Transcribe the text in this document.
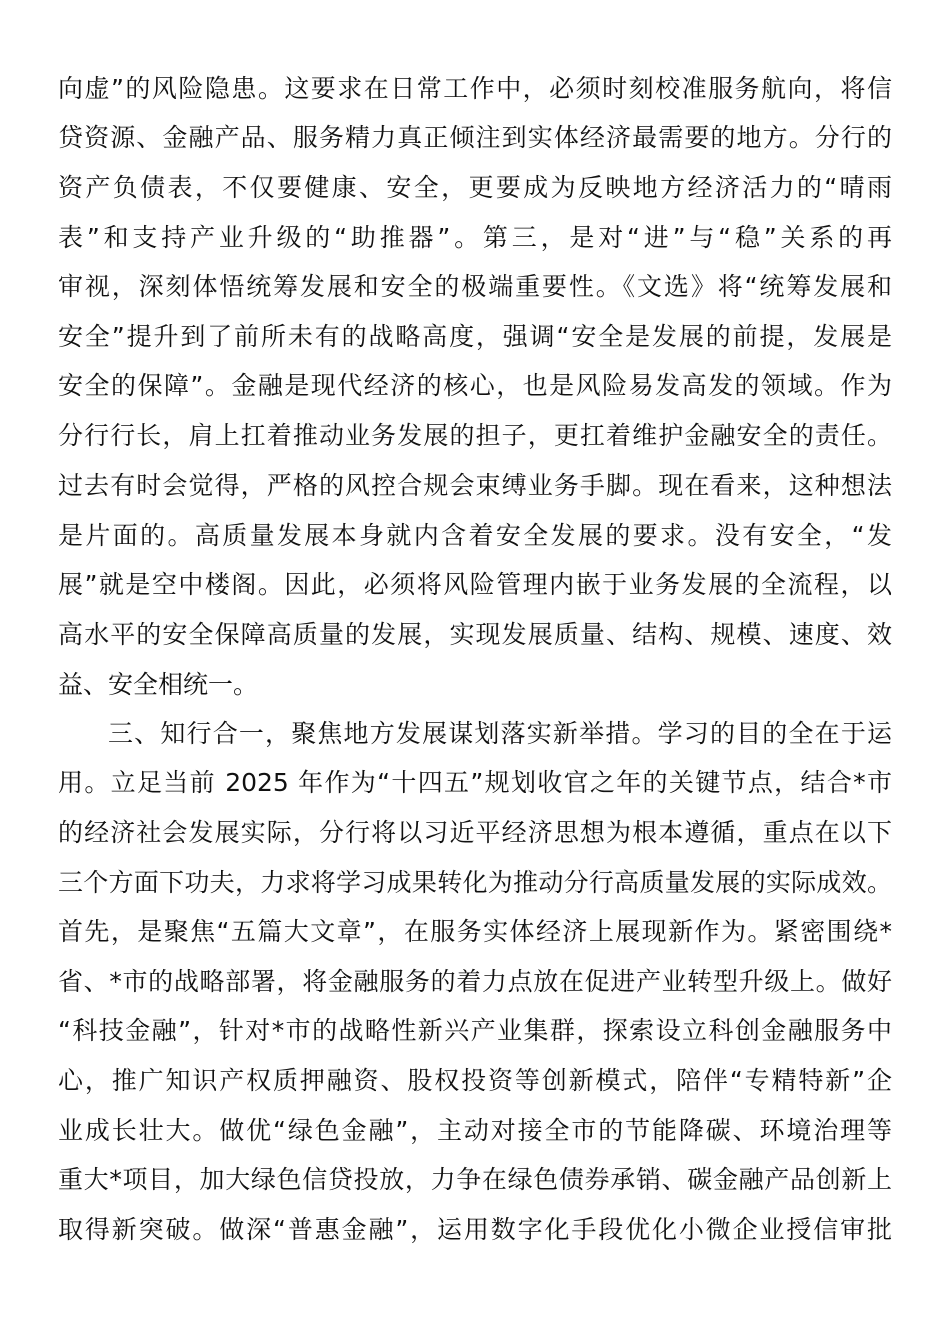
向虚”的风险隐患。这要求在日常工作中，必须时刻校准服务航向，将信
贷资源、金融产品、服务精力真正倾注到实体经济最需要的地方。分行的
资产负债表，不仅要健康、安全，更要成为反映地方经济活力的“晴雨
表”和支持产业升级的“助推器”。第三，是对“进”与“稳”关系的再
审视，深刻体悟统筹发展和安全的极端重要性。《文选》将“统筹发展和
安全”提升到了前所未有的战略高度，强调“安全是发展的前提，发展是
安全的保障”。金融是现代经济的核心，也是风险易发高发的领域。作为
分行行长，肩上扛着推动业务发展的担子，更扛着维护金融安全的责任。
过去有时会觉得，严格的风控合规会束缚业务手脚。现在看来，这种想法
是片面的。高质量发展本身就内含着安全发展的要求。没有安全，“发
展”就是空中楼阁。因此，必须将风险管理内嵌于业务发展的全流程，以
高水平的安全保障高质量的发展，实现发展质量、结构、规模、速度、效
益、安全相统一。
三、知行合一，聚焦地方发展谋划落实新举措。学习的目的全在于运
用。立足当前 2025 年作为“十四五”规划收官之年的关键节点，结合*市
的经济社会发展实际，分行将以习近平经济思想为根本遵循，重点在以下
三个方面下功夫，力求将学习成果转化为推动分行高质量发展的实际成效。
首先，是聚焦“五篇大文章”，在服务实体经济上展现新作为。紧密围绕*
省、*市的战略部署，将金融服务的着力点放在促进产业转型升级上。做好
“科技金融”，针对*市的战略性新兴产业集群，探索设立科创金融服务中
心，推广知识产权质押融资、股权投资等创新模式，陪伴“专精特新”企
业成长壮大。做优“绿色金融”，主动对接全市的节能降碳、环境治理等
重大*项目，加大绿色信贷投放，力争在绿色债券承销、碳金融产品创新上
取得新突破。做深“普惠金融”，运用数字化手段优化小微企业授信审批
